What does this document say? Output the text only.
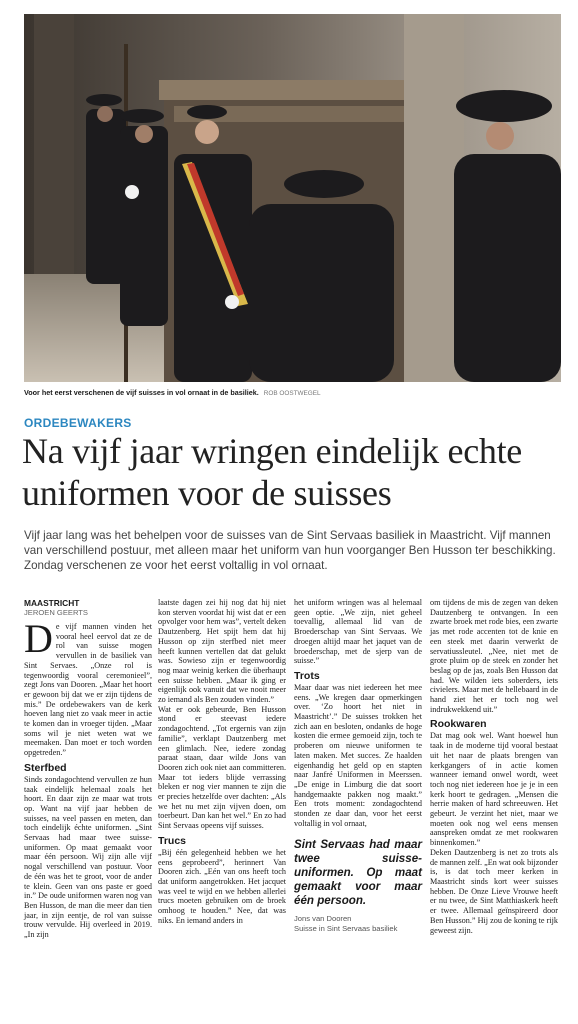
Voor het eerst verschenen de vijf suisses in vol ornaat in de basiliek. ROB OOSTWEGEL
ORDEBEWAKERS
Na vijf jaar wringen eindelijk echte uniformen voor de suisses
Vijf jaar lang was het behelpen voor de suisses van de Sint Servaas basiliek in Maastricht. Vijf mannen van verschillend postuur, met alleen maar het uniform van hun voorganger Ben Husson ter beschikking. Zondag verschenen ze voor het eerst voltallig in vol ornaat.
MAASTRICHT
JEROEN GEERTS

De vijf mannen vinden het vooral heel eervol dat ze de rol van suisse mogen vervullen in de basiliek van Sint Servaes. „Onze rol is tegenwoordig vooral ceremonieel”, zegt Jons van Dooren. „Maar het hoort er gewoon bij dat we er zijn tijdens de mis.” De ordebewakers van de kerk hoeven lang niet zo vaak meer in actie te komen dan in vroeger tijden. „Maar soms wil je niet weten wat we meemaken. Dan moet er toch worden opgetreden.”

Sterfbed

Sinds zondagochtend vervullen ze hun taak eindelijk helemaal zoals het hoort. En daar zijn ze maar wat trots op. Want na vijf jaar hebben de suisses, na veel passen en meten, dan toch eindelijk échte uniformen. „Sint Servaas had maar twee suisse-uniformen. Op maat gemaakt voor maar één persoon. Wij zijn alle vijf nogal verschillend van postuur. Voor de één was het te groot, voor de ander te klein. Geen van ons paste er goed in.” De oude uniformen waren nog van Ben Husson, de man die meer dan tien jaar, in zijn eentje, de rol van suisse trouw vervulde. Hij overleed in 2019. „In zijn

laatste dagen zei hij nog dat hij niet kon sterven voordat hij wist dat er een opvolger voor hem was”, vertelt deken Dautzenberg. Het spijt hem dat hij Husson op zijn sterfbed niet meer heeft kunnen vertellen dat dat gelukt was. Sowieso zijn er tegenwoordig nog maar weinig kerken die überhaupt een suisse hebben. „Maar ik ging er eigenlijk ook vanuit dat we nooit meer zo iemand als Ben zouden vinden.”

Wat er ook gebeurde, Ben Husson stond er steevast iedere zondagochtend. „Tot ergernis van zijn familie”, verklapt Dautzenberg met een glimlach. Nee, iedere zondag paraat staan, daar wilde Jons van Dooren zich ook niet aan committeren. Maar tot ieders blijde verrassing bleken er nog vier mannen te zijn die er precies hetzelfde over dachten: „Als we het nu met zijn vijven doen, om toerbeurt. Dan kan het wel.” En zo had Sint Servaas opeens vijf suisses.

Trucs

„Bij één gelegenheid hebben we het eens geprobeerd”, herinnert Van Dooren zich. „Eén van ons heeft toch dat uniform aangetrokken. Het jacquet was veel te wijd en we hebben allerlei trucs moeten gebruiken om de broek omhoog te houden.” Nee, dat was niks. En iemand anders in

het uniform wringen was al helemaal geen optie. „We zijn, niet geheel toevallig, allemaal lid van de Broederschap van Sint Servaas. We droegen altijd maar het jaquet van de broederschap, met de sjerp van de suisse.”

Trots

Maar daar was niet iedereen het mee eens. „We kregen daar opmerkingen over. ‘Zo hoort het niet in Maastricht’.” De suisses trokken het zich aan en besloten, ondanks de hoge kosten die ermee gemoeid zijn, toch te proberen om nieuwe uniformen te laten maken. Met succes. Ze haalden eigenhandig het geld op en stapten naar Janfré Uniformen in Meerssen. „De enige in Limburg die dat soort handgemaakte pakken nog maakt.” Een trots moment: zondagochtend stonden ze daar dan, voor het eerst voltallig in vol ornaat,

Sint Servaas had maar twee suisse-uniformen. Op maat gemaakt voor maar één persoon.
Jons van Dooren
Suisse in Sint Servaas basiliek

om tijdens de mis de zegen van deken Dautzenberg te ontvangen. In een zwarte broek met rode bies, een zwarte jas met rode accenten tot de knie en een steek met daarin verwerkt de servatiussleutel. „Nee, niet met de grote pluim op de steek en zonder het beslag op de jas, zoals Ben Husson dat had. We wilden iets soberders, iets civielers. Maar met de hellebaard in de hand ziet het er toch nog wel indrukwekkend uit.”

Rookwaren

Dat mag ook wel. Want hoewel hun taak in de moderne tijd vooral bestaat uit het naar de plaats brengen van kerkgangers of in actie komen wanneer iemand onwel wordt, weet toch nog niet iedereen hoe je je in een kerk hoort te gedragen. „Mensen die herrie maken of hard schreeuwen. Het gebeurt. Je verzint het niet, maar we moeten ook nog wel eens mensen aanspreken omdat ze met rookwaren binnenkomen.”

Deken Dautzenberg is net zo trots als de mannen zelf. „En wat ook bijzonder is, is dat toch meer kerken in Maastricht sinds kort weer suisses hebben. De Onze Lieve Vrouwe heeft er nu twee, de Sint Matthiaskerk heeft er twee. Allemaal geïnspireerd door Ben Husson.” Hij zou de koning te rijk geweest zijn.
